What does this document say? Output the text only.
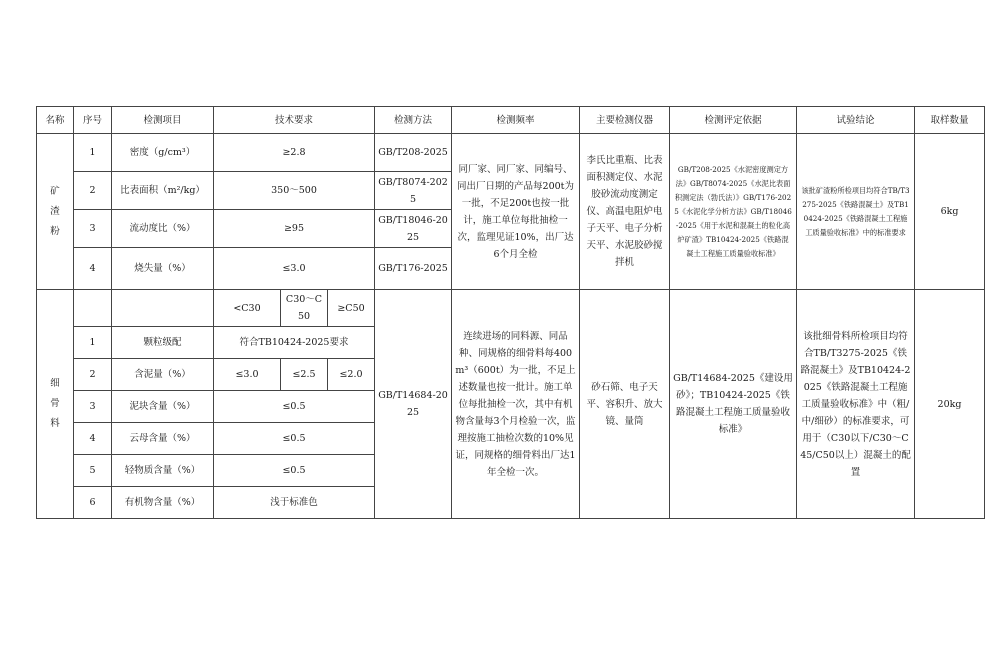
名称	序号	检测项目	技术要求			检测方法	检测频率	主要检测仪器	检测评定依据	试验结论	取样数量

矿
渣
粉	1	密度（g/cm³）	≥2.8			GB/T208-2025	同厂家、同厂家、同编号、同出厂日期的产品每200t为一批，不足200t也按一批计，施工单位每批抽检一次，监理见证10%，出厂达6个月全检	李氏比重瓶、比表面积测定仪、水泥胶砂流动度测定仪、高温电阻炉电子天平、电子分析天平、水泥胶砂搅拌机	GB/T208-2025《水泥密度测定方法》GB/T8074-2025《水泥比表面积测定法（勃氏法）》GB/T176-2025《水泥化学分析方法》GB/T18046-2025《用于水泥和混凝土的粒化高炉矿渣》TB10424-2025《铁路混凝土工程施工质量验收标准》	该批矿渣粉所检项目均符合TB/T3275-2025《铁路混凝土》及TB10424-2025《铁路混凝土工程施工质量验收标准》中的标准要求	6kg
	2	比表面积（m²/kg）	350～500			GB/T8074-2025					
	3	流动度比（%）	≥95			GB/T18046-2025					
	4	烧失量（%）	≤3.0			GB/T176-2025					

细
骨
料			<C30	C30～C50	≥C50	GB/T14684-2025	连续进场的同料源、同品种、同规格的细骨料每400m³（600t）为一批，不足上述数量也按一批计。施工单位每批抽检一次，其中有机物含量每3个月检验一次，监理按施工抽检次数的10%见证，同规格的细骨料出厂达1年全检一次。	砂石筛、电子天平、容积升、放大镜、量筒	GB/T14684-2025《建设用砂》；TB10424-2025《铁路混凝土工程施工质量验收标准》	该批细骨料所检项目均符合TB/T3275-2025《铁路混凝土》及TB10424-2025《铁路混凝土工程施工质量验收标准》中（粗/中/细砂）的标准要求，可用于（C30以下/C30～C45/C50以上）混凝土的配置	20kg
	1	颗粒级配	符合TB10424-2025要求								
	2	含泥量（%）	≤3.0	≤2.5	≤2.0						
	3	泥块含量（%）	≤0.5								
	4	云母含量（%）	≤0.5								
	5	轻物质含量（%）	≤0.5								
	6	有机物含量（%）	浅于标准色								
